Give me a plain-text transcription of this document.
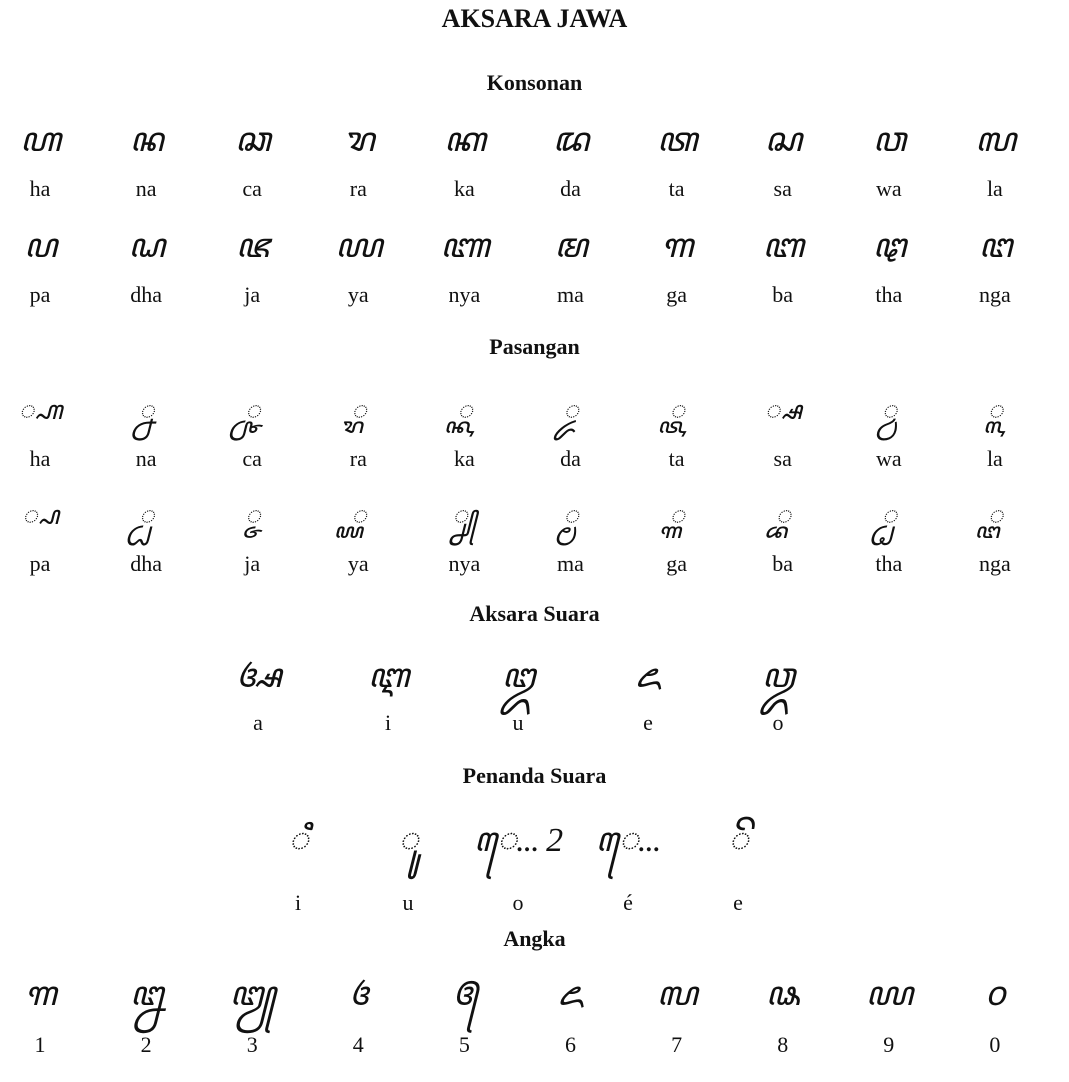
AKSARA JAWA
Konsonan
ꦲ
ha
ꦤ
na
ꦕ
ca
ꦫ
ra
ꦏ
ka
ꦢ
da
ꦠ
ta
ꦱ
sa
ꦮ
wa
ꦭ
la
ꦥ
pa
ꦝ
dha
ꦗ
ja
ꦪ
ya
ꦚ
nya
ꦩ
ma
ꦒ
ga
ꦧ
ba
ꦛ
tha
ꦔ
nga
Pasangan
꧀ꦲ
ha
꧀ꦤ
na
꧀ꦕ
ca
꧀ꦫ
ra
꧀ꦏ
ka
꧀ꦢ
da
꧀ꦠ
ta
꧀ꦱ
sa
꧀ꦮ
wa
꧀ꦭ
la
꧀ꦥ
pa
꧀ꦝ
dha
꧀ꦗ
ja
꧀ꦪ
ya
꧀ꦚ
nya
꧀ꦩ
ma
꧀ꦒ
ga
꧀ꦧ
ba
꧀ꦛ
tha
꧀ꦔ
nga
Aksara Suara
ꦄ
a
ꦆ
i
ꦈ
u
ꦌ
e
ꦎ
o
Penanda Suara
ꦶ
i
ꦸ
u
ꦺ... 2
o
ꦺ...
é
ꦼ
e
Angka
꧑
1
꧒
2
꧓
3
꧔
4
꧕
5
꧖
6
꧗
7
꧘
8
꧙
9
꧐
0
